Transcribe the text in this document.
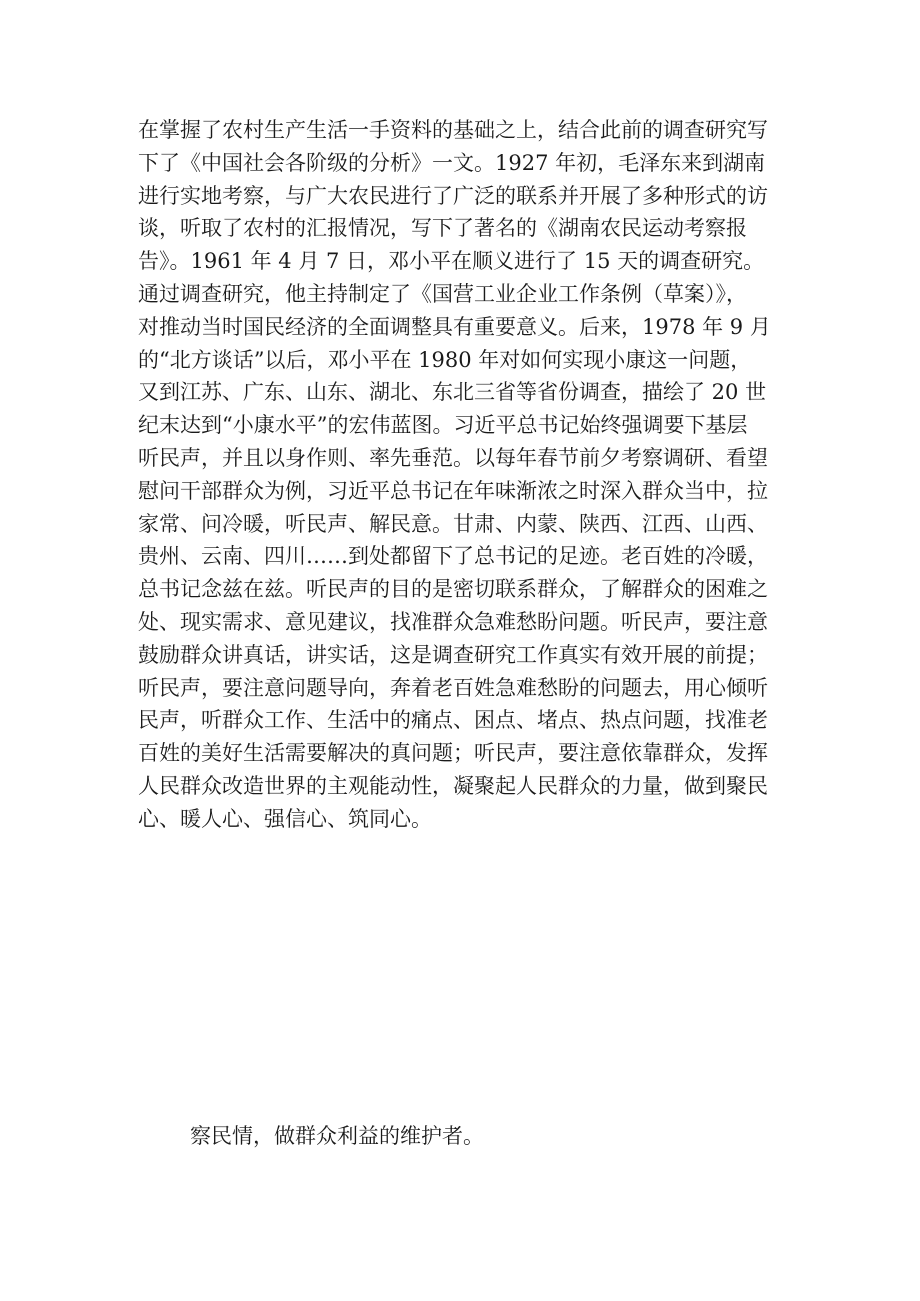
在掌握了农村生产生活一手资料的基础之上，结合此前的调查研究写
下了《中国社会各阶级的分析》一文。1927 年初，毛泽东来到湖南
进行实地考察，与广大农民进行了广泛的联系并开展了多种形式的访
谈，听取了农村的汇报情况，写下了著名的《湖南农民运动考察报
告》。1961 年 4 月 7 日，邓小平在顺义进行了 15 天的调查研究。
通过调查研究，他主持制定了《国营工业企业工作条例（草案）》，
对推动当时国民经济的全面调整具有重要意义。后来，1978 年 9 月
的“北方谈话”以后，邓小平在 1980 年对如何实现小康这一问题，
又到江苏、广东、山东、湖北、东北三省等省份调查，描绘了 20 世
纪末达到“小康水平”的宏伟蓝图。习近平总书记始终强调要下基层
听民声，并且以身作则、率先垂范。以每年春节前夕考察调研、看望
慰问干部群众为例，习近平总书记在年味渐浓之时深入群众当中，拉
家常、问冷暖，听民声、解民意。甘肃、内蒙、陕西、江西、山西、
贵州、云南、四川……到处都留下了总书记的足迹。老百姓的冷暖，
总书记念兹在兹。听民声的目的是密切联系群众，了解群众的困难之
处、现实需求、意见建议，找准群众急难愁盼问题。听民声，要注意
鼓励群众讲真话，讲实话，这是调查研究工作真实有效开展的前提；
听民声，要注意问题导向，奔着老百姓急难愁盼的问题去，用心倾听
民声，听群众工作、生活中的痛点、困点、堵点、热点问题，找准老
百姓的美好生活需要解决的真问题；听民声，要注意依靠群众，发挥
人民群众改造世界的主观能动性，凝聚起人民群众的力量，做到聚民
心、暖人心、强信心、筑同心。
察民情，做群众利益的维护者。
